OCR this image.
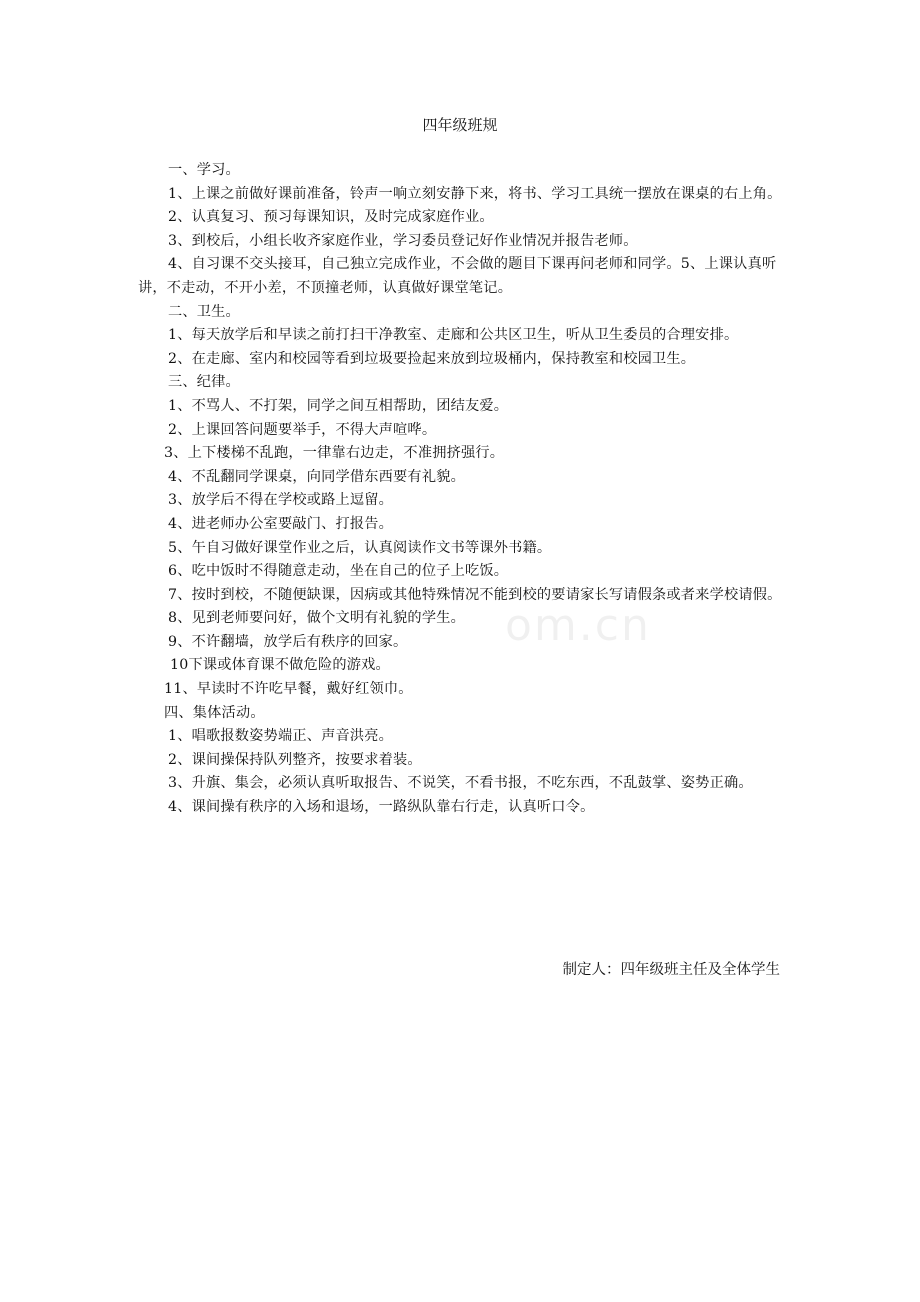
四年级班规

一、学习。

1、上课之前做好课前准备，铃声一响立刻安静下来，将书、学习工具统一摆放在课桌的右上角。

2、认真复习、预习每课知识，及时完成家庭作业。

3、到校后，小组长收齐家庭作业，学习委员登记好作业情况并报告老师。

4、自习课不交头接耳，自己独立完成作业，不会做的题目下课再问老师和同学。5、上课认真听讲，不走动，不开小差，不顶撞老师，认真做好课堂笔记。

二、卫生。

1、每天放学后和早读之前打扫干净教室、走廊和公共区卫生，听从卫生委员的合理安排。

2、在走廊、室内和校园等看到垃圾要捡起来放到垃圾桶内，保持教室和校园卫生。

三、纪律。

1、不骂人、不打架，同学之间互相帮助，团结友爱。

2、上课回答问题要举手，不得大声喧哗。

3、上下楼梯不乱跑，一律靠右边走，不准拥挤强行。

4、不乱翻同学课桌，向同学借东西要有礼貌。

3、放学后不得在学校或路上逗留。

4、进老师办公室要敲门、打报告。

5、午自习做好课堂作业之后，认真阅读作文书等课外书籍。

6、吃中饭时不得随意走动，坐在自己的位子上吃饭。

7、按时到校，不随便缺课，因病或其他特殊情况不能到校的要请家长写请假条或者来学校请假。

8、见到老师要问好，做个文明有礼貌的学生。

9、不许翻墙，放学后有秩序的回家。

10下课或体育课不做危险的游戏。

11、早读时不许吃早餐，戴好红领巾。

四、集体活动。

1、唱歌报数姿势端正、声音洪亮。

2、课间操保持队列整齐，按要求着装。

3、升旗、集会，必须认真听取报告、不说笑，不看书报，不吃东西，不乱鼓掌、姿势正确。

4、课间操有秩序的入场和退场，一路纵队靠右行走，认真听口令。

制定人：四年级班主任及全体学生
om.cn
